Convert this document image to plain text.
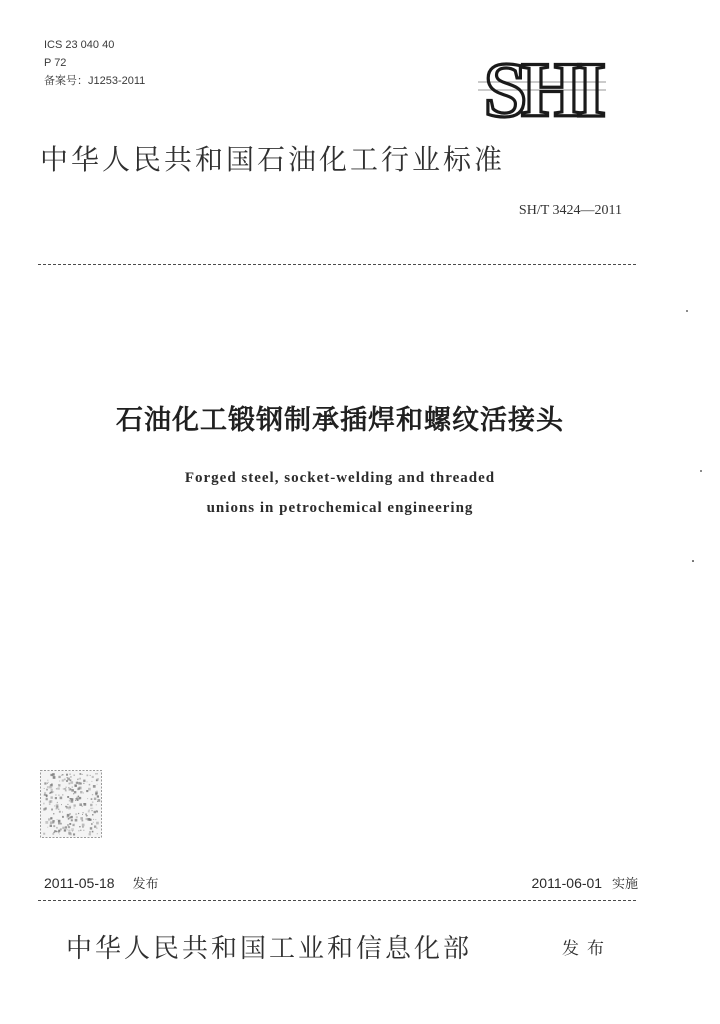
ICS 23 040 40
P 72
备案号：J1253-2011	SHI
中华人民共和国石油化工行业标准
SH/T 3424—2011
石油化工锻钢制承插焊和螺纹活接头
Forged steel, socket-welding and threaded
unions in petrochemical engineering
2011-05-18 发布	2011-06-01 实施
中华人民共和国工业和信息化部	发布
